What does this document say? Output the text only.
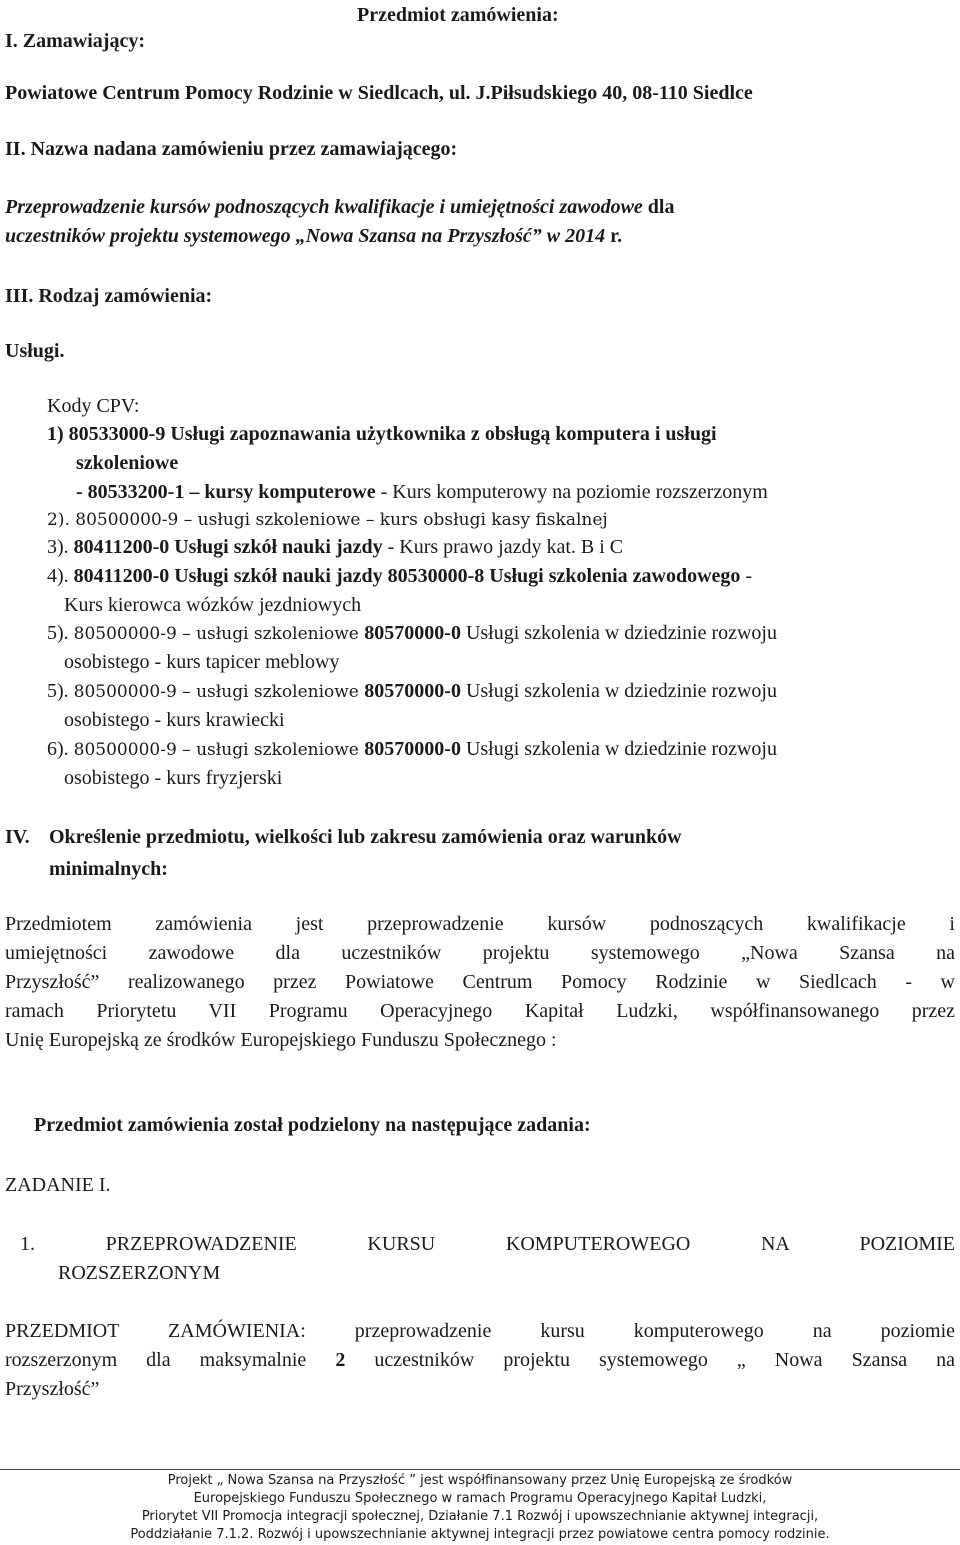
I. Zamawiający:
Przedmiot zamówienia:
Powiatowe Centrum Pomocy Rodzinie w Siedlcach, ul. J.Piłsudskiego 40, 08-110 Siedlce
II. Nazwa nadana zamówieniu przez zamawiającego:
Przeprowadzenie kursów podnoszących kwalifikacje i umiejętności zawodowe dla
uczestników projektu systemowego „Nowa Szansa na Przyszłość” w 2014 r.
III. Rodzaj zamówienia:
Usługi.
Kody CPV:
1) 80533000-9 Usługi zapoznawania użytkownika z obsługą komputera i usługi
szkoleniowe
- 80533200-1 – kursy komputerowe - Kurs komputerowy na poziomie rozszerzonym
2). 80500000-9 – usługi szkoleniowe – kurs obsługi kasy fiskalnej
3). 80411200-0 Usługi szkół nauki jazdy - Kurs prawo jazdy kat. B i C
4). 80411200-0 Usługi szkół nauki jazdy 80530000-8 Usługi szkolenia zawodowego -
Kurs kierowca wózków jezdniowych
5). 80500000-9 – usługi szkoleniowe 80570000-0 Usługi szkolenia w dziedzinie rozwoju
osobistego - kurs tapicer meblowy
5). 80500000-9 – usługi szkoleniowe 80570000-0 Usługi szkolenia w dziedzinie rozwoju
osobistego - kurs krawiecki
6). 80500000-9 – usługi szkoleniowe 80570000-0 Usługi szkolenia w dziedzinie rozwoju
osobistego - kurs fryzjerski
IV. Określenie przedmiotu, wielkości lub zakresu zamówienia oraz warunków
minimalnych:
Przedmiotem zamówienia jest przeprowadzenie kursów podnoszących kwalifikacje i
umiejętności zawodowe dla uczestników projektu systemowego „Nowa Szansa na
Przyszłość” realizowanego przez Powiatowe Centrum Pomocy Rodzinie w Siedlcach - w
ramach Priorytetu VII Programu Operacyjnego Kapitał Ludzki, współfinansowanego przez
Unię Europejską ze środków Europejskiego Funduszu Społecznego :
Przedmiot zamówienia został podzielony na następujące zadania:
ZADANIE I.
1. PRZEPROWADZENIE KURSU KOMPUTEROWEGO NA POZIOMIE
ROZSZERZONYM
PRZEDMIOT ZAMÓWIENIA: przeprowadzenie kursu komputerowego na poziomie
rozszerzonym dla maksymalnie 2 uczestników projektu systemowego „ Nowa Szansa na
Przyszłość”
Projekt „ Nowa Szansa na Przyszłość ” jest współfinansowany przez Unię Europejską ze środków
Europejskiego Funduszu Społecznego w ramach Programu Operacyjnego Kapitał Ludzki,
Priorytet VII Promocja integracji społecznej, Działanie 7.1 Rozwój i upowszechnianie aktywnej integracji,
Poddziałanie 7.1.2. Rozwój i upowszechnianie aktywnej integracji przez powiatowe centra pomocy rodzinie.
